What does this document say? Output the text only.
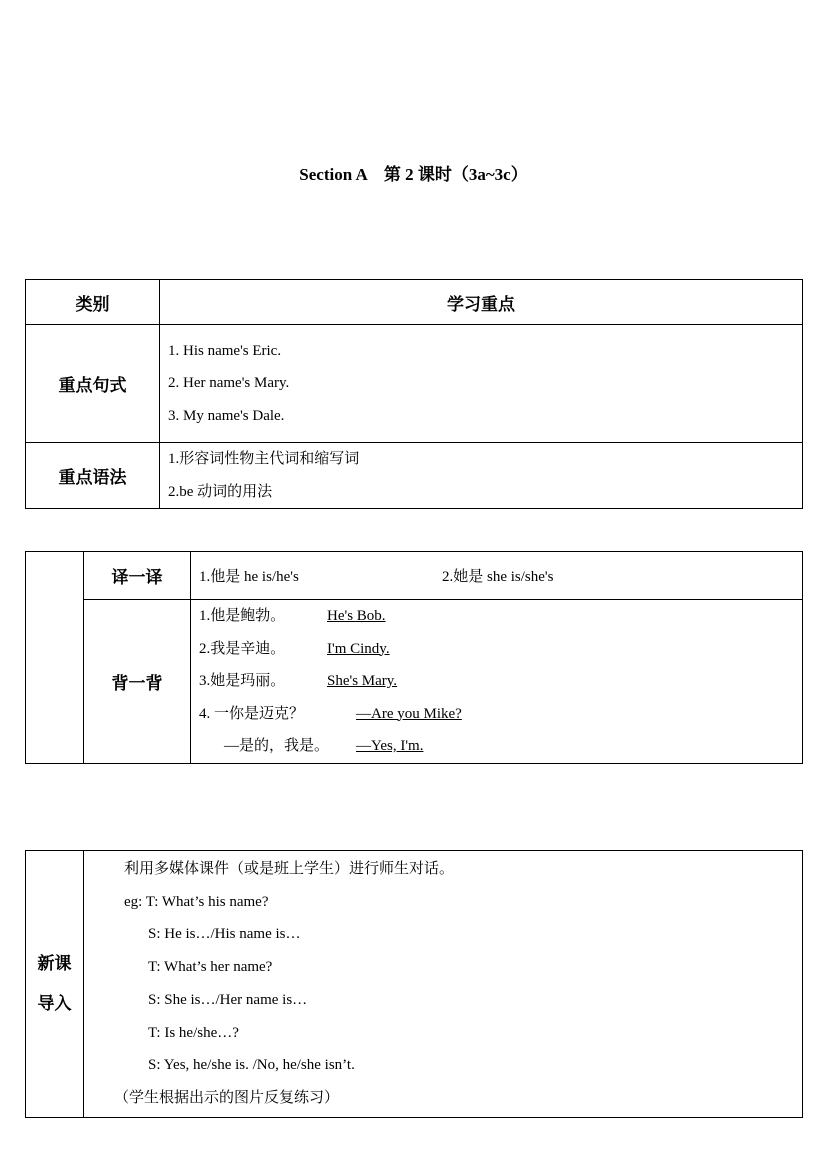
Section A　第 2 课时（3a~3c）
类别	学习重点
重点句式	1. His name's Eric.
2. Her name's Mary.
3. My name's Dale.

重点语法	1.形容词性物主代词和缩写词
2.be 动词的用法
	译一译	1.他是 he is/he's 2.她是 she is/she's
	背一背	1.他是鲍勃。 He's Bob.
2.我是辛迪。 I'm Cindy.
3.她是玛丽。 She's Mary.
4. 一你是迈克？ —Are you Mike?
—是的，我是。 —Yes, I'm.
新课
导入

利用多媒体课件（或是班上学生）进行师生对话。
eg: T: What’s his name?
S: He is…/His name is…
T: What’s her name?
S: She is…/Her name is…
T: Is he/she…?
S: Yes, he/she is. /No, he/she isn’t.
（学生根据出示的图片反复练习）
